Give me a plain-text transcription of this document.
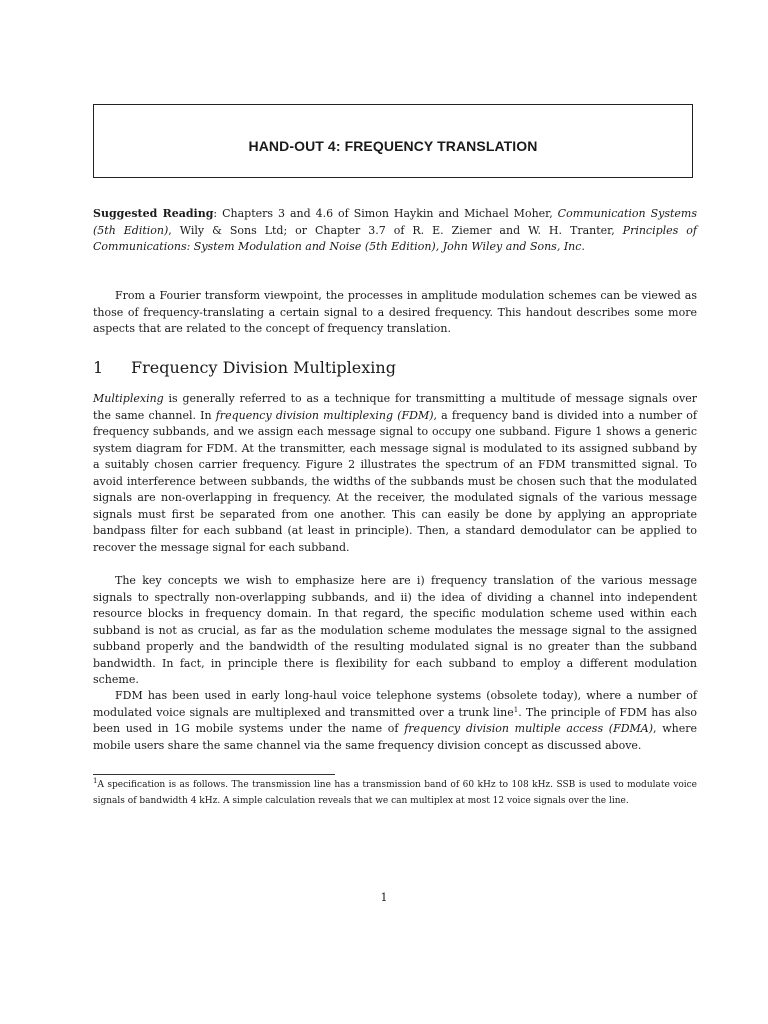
HAND-OUT 4: FREQUENCY TRANSLATION

Suggested Reading: Chapters 3 and 4.6 of Simon Haykin and Michael Moher, Communication Systems (5th Edition), Wily & Sons Ltd; or Chapter 3.7 of R. E. Ziemer and W. H. Tranter, Principles of Communications: System Modulation and Noise (5th Edition), John Wiley and Sons, Inc.

From a Fourier transform viewpoint, the processes in amplitude modulation schemes can be viewed as those of frequency-translating a certain signal to a desired frequency. This handout describes some more aspects that are related to the concept of frequency translation.

1 Frequency Division Multiplexing

Multiplexing is generally referred to as a technique for transmitting a multitude of message signals over the same channel. In frequency division multiplexing (FDM), a frequency band is divided into a number of frequency subbands, and we assign each message signal to occupy one subband. Figure 1 shows a generic system diagram for FDM. At the transmitter, each message signal is modulated to its assigned subband by a suitably chosen carrier frequency. Figure 2 illustrates the spectrum of an FDM transmitted signal. To avoid interference between subbands, the widths of the subbands must be chosen such that the modulated signals are non-overlapping in frequency. At the receiver, the modulated signals of the various message signals must first be separated from one another. This can easily be done by applying an appropriate bandpass filter for each subband (at least in principle). Then, a standard demodulator can be applied to recover the message signal for each subband.

The key concepts we wish to emphasize here are i) frequency translation of the various message signals to spectrally non-overlapping subbands, and ii) the idea of dividing a channel into independent resource blocks in frequency domain. In that regard, the specific modulation scheme used within each subband is not as crucial, as far as the modulation scheme modulates the message signal to the assigned subband properly and the bandwidth of the resulting modulated signal is no greater than the subband bandwidth. In fact, in principle there is flexibility for each subband to employ a different modulation scheme.

FDM has been used in early long-haul voice telephone systems (obsolete today), where a number of modulated voice signals are multiplexed and transmitted over a trunk line$^1$. The principle of FDM has also been used in 1G mobile systems under the name of frequency division multiple access (FDMA), where mobile users share the same channel via the same frequency division concept as discussed above.

$^1$A specification is as follows. The transmission line has a transmission band of 60 kHz to 108 kHz. SSB is used to modulate voice signals of bandwidth 4 kHz. A simple calculation reveals that we can multiplex at most 12 voice signals over the line.

1
